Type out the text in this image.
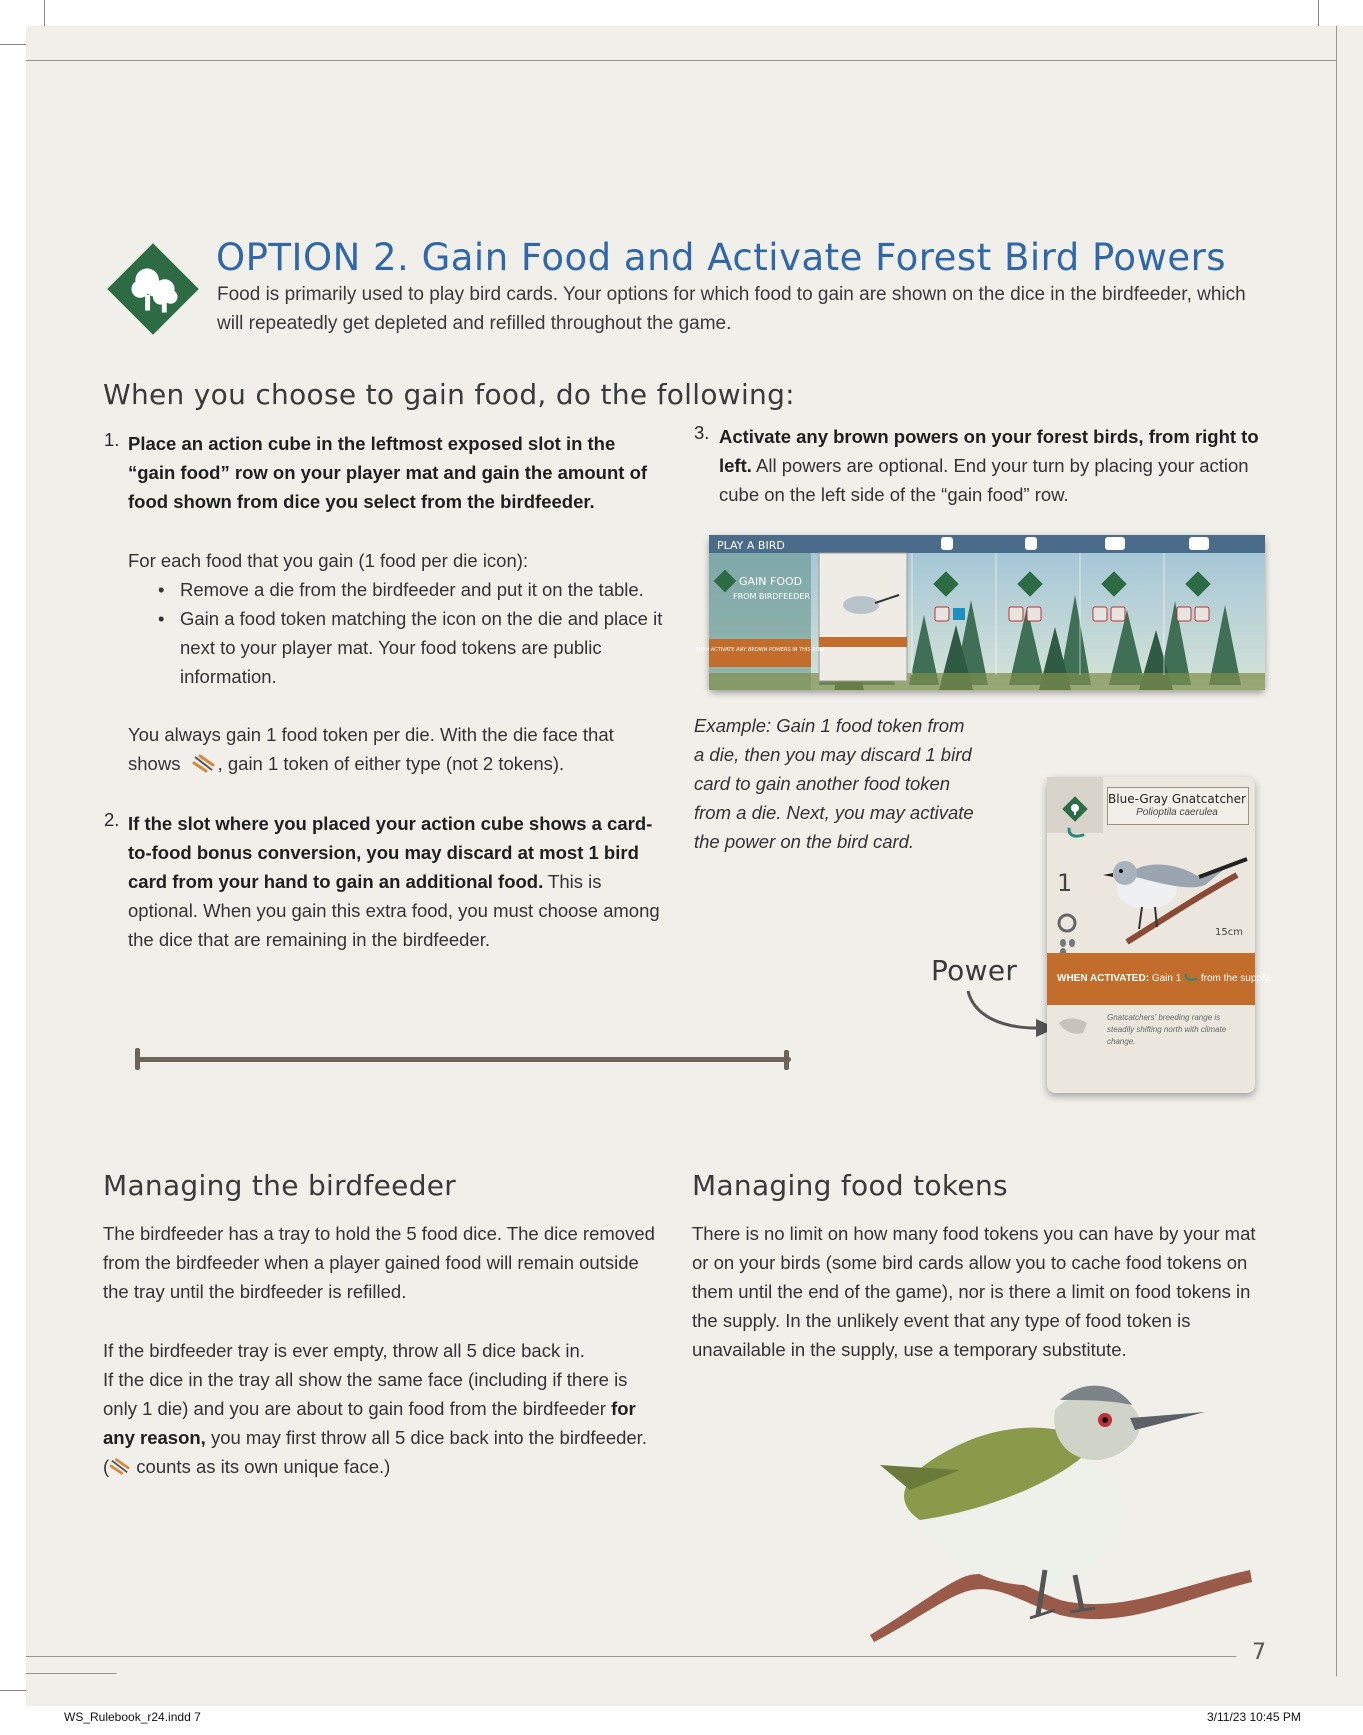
OPTION 2. Gain Food and Activate Forest Bird Powers
Food is primarily used to play bird cards. Your options for which food to gain are shown on the dice in the birdfeeder, which will repeatedly get depleted and refilled throughout the game.
When you choose to gain food, do the following:
1. Place an action cube in the leftmost exposed slot in the “gain food” row on your player mat and gain the amount of food shown from dice you select from the birdfeeder.
For each food that you gain (1 food per die icon):
• Remove a die from the birdfeeder and put it on the table.
• Gain a food token matching the icon on the die and place it next to your player mat. Your food tokens are public information.
You always gain 1 food token per die. With the die face that shows , gain 1 token of either type (not 2 tokens).
2. If the slot where you placed your action cube shows a card-to-food bonus conversion, you may discard at most 1 bird card from your hand to gain an additional food. This is optional. When you gain this extra food, you must choose among the dice that are remaining in the birdfeeder.
3. Activate any brown powers on your forest birds, from right to left. All powers are optional. End your turn by placing your action cube on the left side of the “gain food” row.
PLAY A BIRD
GAIN FOOD
FROM BIRDFEEDER
THEN ACTIVATE ANY BROWN POWERS IN THIS ROW
Example: Gain 1 food token from a die, then you may discard 1 bird card to gain another food token from a die. Next, you may activate the power on the bird card.
Power
Blue-Gray Gnatcatcher
Polioptila caerulea
1
15cm
WHEN ACTIVATED: Gain 1 from the supply.
Gnatcatchers' breeding range is steadily shifting north with climate change.
Managing the birdfeeder
The birdfeeder has a tray to hold the 5 food dice. The dice removed from the birdfeeder when a player gained food will remain outside the tray until the birdfeeder is refilled.
If the birdfeeder tray is ever empty, throw all 5 dice back in.
If the dice in the tray all show the same face (including if there is only 1 die) and you are about to gain food from the birdfeeder for any reason, you may first throw all 5 dice back into the birdfeeder.
( counts as its own unique face.)
Managing food tokens
There is no limit on how many food tokens you can have by your mat or on your birds (some bird cards allow you to cache food tokens on them until the end of the game), nor is there a limit on food tokens in the supply. In the unlikely event that any type of food token is unavailable in the supply, use a temporary substitute.
7
WS_Rulebook_r24.indd 7	3/11/23 10:45 PM
